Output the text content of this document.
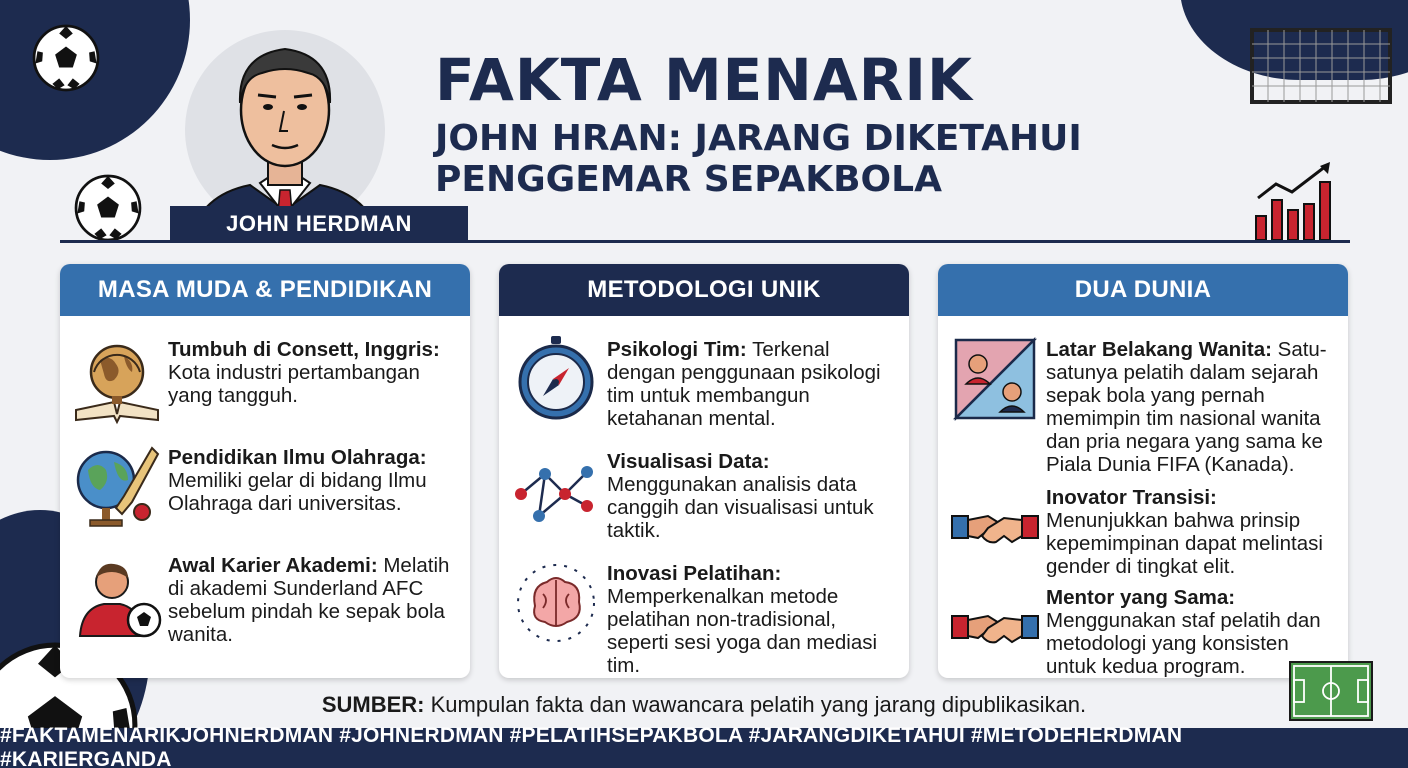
JOHN HERDMAN
FAKTA MENARIK
JOHN HRAN: JARANG DIKETAHUI
PENGGEMAR SEPAKBOLA
MASA MUDA & PENDIDIKAN
Tumbuh di Consett, Inggris: Kota industri pertambangan yang tangguh.
Pendidikan Ilmu Olahraga: Memiliki gelar di bidang Ilmu Olahraga dari universitas.
Awal Karier Akademi: Melatih di akademi Sunderland AFC sebelum pindah ke sepak bola wanita.
METODOLOGI UNIK
Psikologi Tim: Terkenal dengan penggunaan psikologi tim untuk membangun ketahanan mental.
Visualisasi Data: Menggunakan analisis data canggih dan visualisasi untuk taktik.
Inovasi Pelatihan: Memperkenalkan metode pelatihan non-tradisional, seperti sesi yoga dan mediasi tim.
DUA DUNIA
Latar Belakang Wanita: Satu-satunya pelatih dalam sejarah sepak bola yang pernah memimpin tim nasional wanita dan pria negara yang sama ke Piala Dunia FIFA (Kanada).
Inovator Transisi: Menunjukkan bahwa prinsip kepemimpinan dapat melintasi gender di tingkat elit.
Mentor yang Sama: Menggunakan staf pelatih dan metodologi yang konsisten untuk kedua program.
SUMBER: Kumpulan fakta dan wawancara pelatih yang jarang dipublikasikan.
#FAKTAMENARIKJOHNERDMAN #JOHNERDMAN #PELATIHSEPAKBOLA #JARANGDIKETAHUI #METODEHERDMAN #KARIERGANDA
